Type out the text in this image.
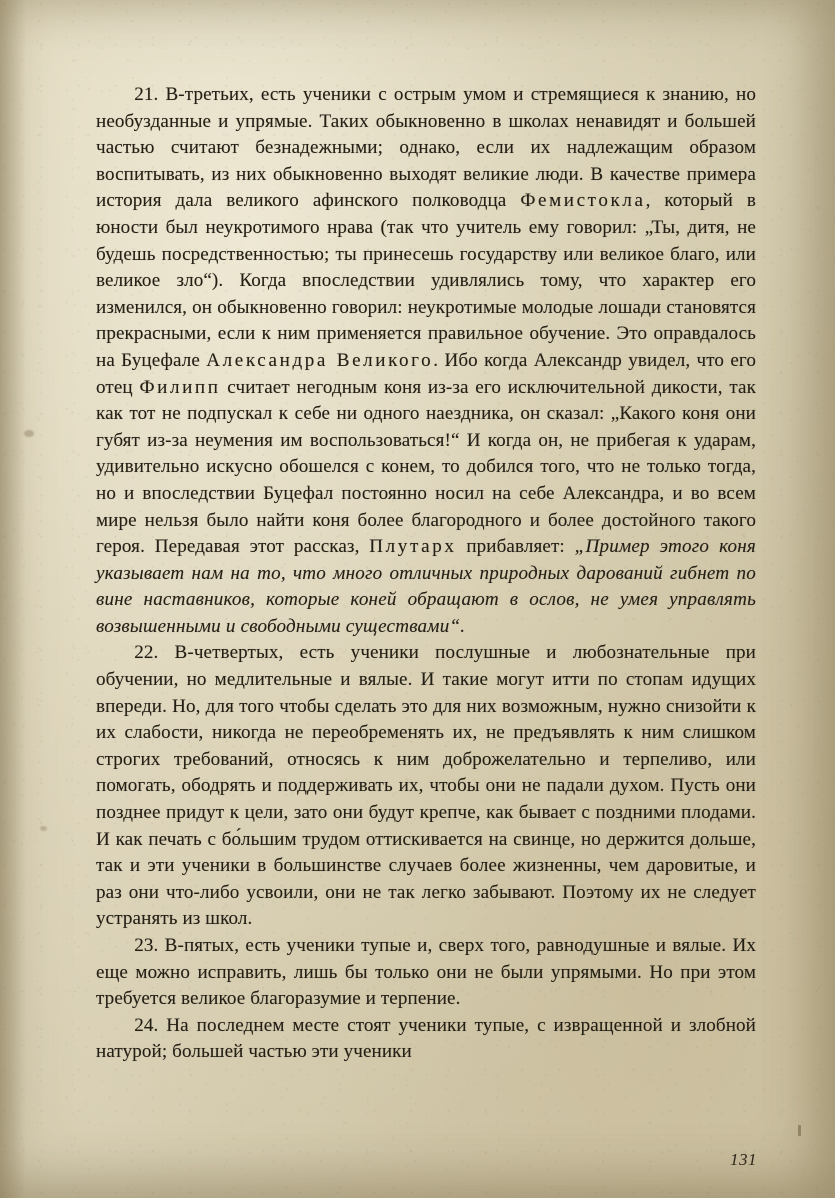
21. В-третьих, есть ученики с острым умом и стремящиеся к знанию, но необузданные и упрямые. Таких обыкновенно в школах ненавидят и большей частью считают безнадежными; однако, если их надлежащим образом воспитывать, из них обыкновенно выходят великие люди. В качестве примера история дала великого афинского полководца Фемистокла, который в юности был неукротимого нрава (так что учитель ему говорил: „Ты, дитя, не будешь посредственностью; ты принесешь государству или великое благо, или великое зло“). Когда впоследствии удивлялись тому, что характер его изменился, он обыкновенно говорил: неукротимые молодые лошади становятся прекрасными, если к ним применяется правильное обучение. Это оправдалось на Буцефале Александра Великого. Ибо когда Александр увидел, что его отец Филипп считает негодным коня из-за его исключительной дикости, так как тот не подпускал к себе ни одного наездника, он сказал: „Какого коня они губят из-за неумения им воспользоваться!“ И когда он, не прибегая к ударам, удивительно искусно обошелся с конем, то добился того, что не только тогда, но и впоследствии Буцефал постоянно носил на себе Александра, и во всем мире нельзя было найти коня более благородного и более достойного такого героя. Передавая этот рассказ, Плутарх прибавляет: „Пример этого коня указывает нам на то, что много отличных природных дарований гибнет по вине наставников, которые коней обращают в ослов, не умея управлять возвышенными и свободными существами“.

22. В-четвертых, есть ученики послушные и любознательные при обучении, но медлительные и вялые. И такие могут итти по стопам идущих впереди. Но, для того чтобы сделать это для них возможным, нужно снизойти к их слабости, никогда не переобременять их, не предъявлять к ним слишком строгих требований, относясь к ним доброжелательно и терпеливо, или помогать, ободрять и поддерживать их, чтобы они не падали духом. Пусть они позднее придут к цели, зато они будут крепче, как бывает с поздними плодами. И как печать с бо́льшим трудом оттискивается на свинце, но держится дольше, так и эти ученики в большинстве случаев более жизненны, чем даровитые, и раз они что-либо усвоили, они не так легко забывают. Поэтому их не следует устранять из школ.

23. В-пятых, есть ученики тупые и, сверх того, равнодушные и вялые. Их еще можно исправить, лишь бы только они не были упрямыми. Но при этом требуется великое благоразумие и терпение.

24. На последнем месте стоят ученики тупые, с извращенной и злобной натурой; большей частью эти ученики

131
